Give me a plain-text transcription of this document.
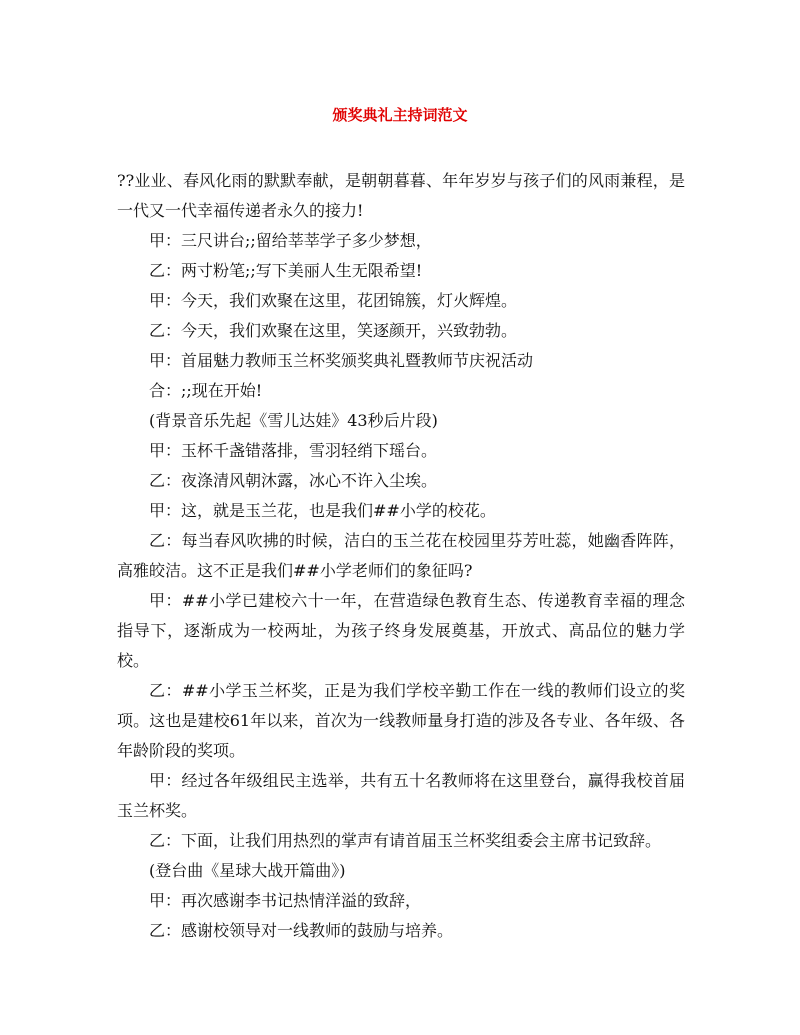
颁奖典礼主持词范文

??业业、春风化雨的默默奉献，是朝朝暮暮、年年岁岁与孩子们的风雨兼程，是一代又一代幸福传递者永久的接力!

甲：三尺讲台;;留给莘莘学子多少梦想，

乙：两寸粉笔;;写下美丽人生无限希望!

甲：今天，我们欢聚在这里，花团锦簇，灯火辉煌。

乙：今天，我们欢聚在这里，笑逐颜开，兴致勃勃。

甲：首届魅力教师玉兰杯奖颁奖典礼暨教师节庆祝活动

合：;;现在开始!

(背景音乐先起《雪儿达娃》43秒后片段)

甲：玉杯千盏错落排，雪羽轻绡下瑶台。

乙：夜涤清风朝沐露，冰心不许入尘埃。

甲：这，就是玉兰花，也是我们##小学的校花。

乙：每当春风吹拂的时候，洁白的玉兰花在校园里芬芳吐蕊，她幽香阵阵，高雅皎洁。这不正是我们##小学老师们的象征吗?

甲：##小学已建校六十一年，在营造绿色教育生态、传递教育幸福的理念指导下，逐渐成为一校两址，为孩子终身发展奠基，开放式、高品位的魅力学校。

乙：##小学玉兰杯奖，正是为我们学校辛勤工作在一线的教师们设立的奖项。这也是建校61年以来，首次为一线教师量身打造的涉及各专业、各年级、各年龄阶段的奖项。

甲：经过各年级组民主选举，共有五十名教师将在这里登台，赢得我校首届玉兰杯奖。

乙：下面，让我们用热烈的掌声有请首届玉兰杯奖组委会主席书记致辞。

(登台曲《星球大战开篇曲》)

甲：再次感谢李书记热情洋溢的致辞，

乙：感谢校领导对一线教师的鼓励与培养。
